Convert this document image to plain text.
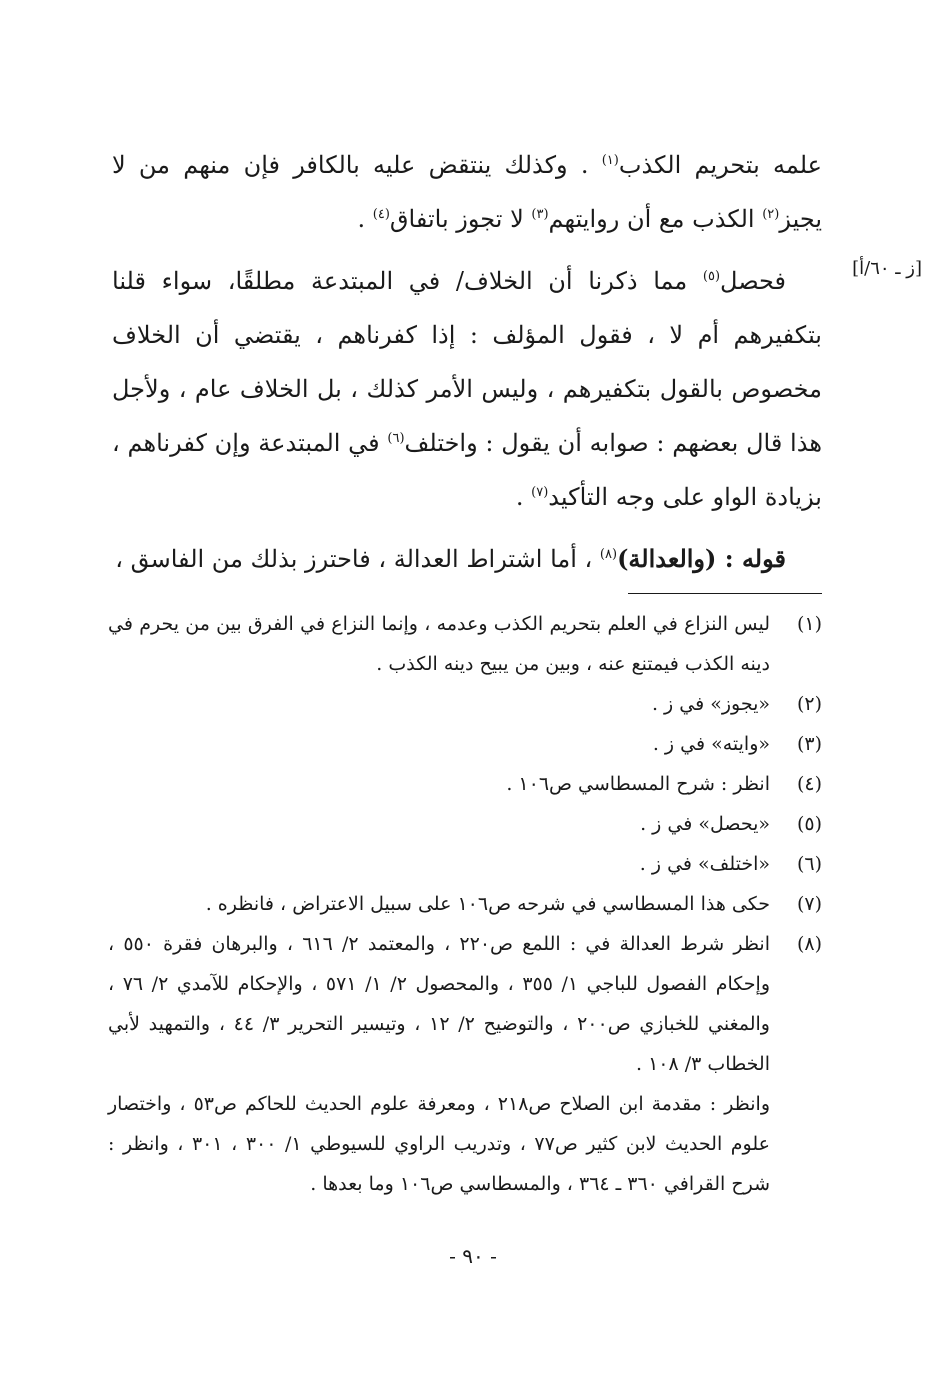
[ز ـ ٦٠/أ]

علمه بتحريم الكذب$^{(١)}$ . وكذلك ينتقض عليه بالكافر فإن منهم من لا يجيز$^{(٢)}$ الكذب مع أن روايتهم$^{(٣)}$ لا تجوز باتفاق$^{(٤)}$ .

فحصل$^{(٥)}$ مما ذكرنا أن الخلاف/ في المبتدعة مطلقًا، سواء قلنا بتكفيرهم أم لا ، فقول المؤلف : إذا كفرناهم ، يقتضي أن الخلاف مخصوص بالقول بتكفيرهم ، وليس الأمر كذلك ، بل الخلاف عام ، ولأجل هذا قال بعضهم : صوابه أن يقول : واختلف$^{(٦)}$ في المبتدعة وإن كفرناهم ، بزيادة الواو على وجه التأكيد$^{(٧)}$ .

قوله : (والعدالة)$^{(٨)}$ ، أما اشتراط العدالة ، فاحترز بذلك من الفاسق ،

(١)
ليس النزاع في العلم بتحريم الكذب وعدمه ، وإنما النزاع في الفرق بين من يحرم في دينه الكذب فيمتنع عنه ، وبين من يبيح دينه الكذب .
(٢)
«يجوز» في ز .
(٣)
«وايته» في ز .
(٤)
انظر : شرح المسطاسي ص١٠٦ .
(٥)
«يحصل» في ز .
(٦)
«اختلف» في ز .
(٧)
حكى هذا المسطاسي في شرحه ص١٠٦ على سبيل الاعتراض ، فانظره .
(٨)
انظر شرط العدالة في : اللمع ص٢٢٠ ، والمعتمد ٢/ ٦١٦ ، والبرهان فقرة ٥٥٠ ، وإحكام الفصول للباجي ١/ ٣٥٥ ، والمحصول ٢/ ١/ ٥٧١ ، والإحكام للآمدي ٢/ ٧٦ ، والمغني للخبازي ص٢٠٠ ، والتوضيح ٢/ ١٢ ، وتيسير التحرير ٣/ ٤٤ ، والتمهيد لأبي الخطاب ٣/ ١٠٨ .
وانظر : مقدمة ابن الصلاح ص٢١٨ ، ومعرفة علوم الحديث للحاكم ص٥٣ ، واختصار علوم الحديث لابن كثير ص٧٧ ، وتدريب الراوي للسيوطي ١/ ٣٠٠ ، ٣٠١ ، وانظر : شرح القرافي ٣٦٠ ـ ٣٦٤ ، والمسطاسي ص١٠٦ وما بعدها .
- ٩٠ -
